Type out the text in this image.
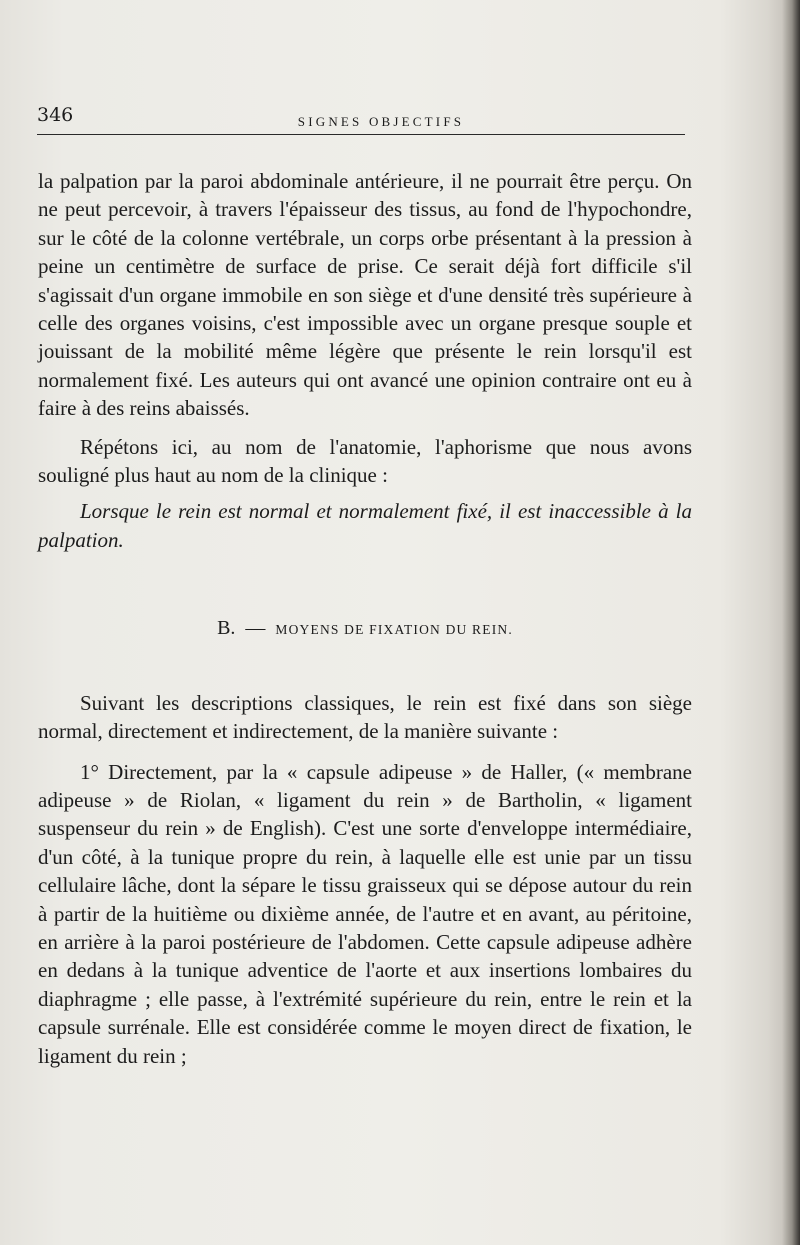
346	SIGNES OBJECTIFS

la palpation par la paroi abdominale antérieure, il ne pourrait être perçu. On ne peut percevoir, à travers l'épaisseur des tissus, au fond de l'hypochondre, sur le côté de la colonne vertébrale, un corps orbe présentant à la pression à peine un centimètre de surface de prise. Ce serait déjà fort difficile s'il s'agissait d'un organe immobile en son siège et d'une densité très supérieure à celle des organes voisins, c'est impossible avec un organe presque souple et jouissant de la mobilité même légère que présente le rein lorsqu'il est normalement fixé. Les auteurs qui ont avancé une opinion contraire ont eu à faire à des reins abaissés.

Répétons ici, au nom de l'anatomie, l'aphorisme que nous avons souligné plus haut au nom de la clinique :

Lorsque le rein est normal et normalement fixé, il est inaccessible à la palpation.

B. — MOYENS DE FIXATION DU REIN.

Suivant les descriptions classiques, le rein est fixé dans son siège normal, directement et indirectement, de la manière suivante :

1° Directement, par la « capsule adipeuse » de Haller, (« membrane adipeuse » de Riolan, « ligament du rein » de Bartholin, « ligament suspenseur du rein » de English). C'est une sorte d'enveloppe intermédiaire, d'un côté, à la tunique propre du rein, à laquelle elle est unie par un tissu cellulaire lâche, dont la sépare le tissu graisseux qui se dépose autour du rein à partir de la huitième ou dixième année, de l'autre et en avant, au péritoine, en arrière à la paroi postérieure de l'abdomen. Cette capsule adipeuse adhère en dedans à la tunique adventice de l'aorte et aux insertions lombaires du diaphragme ; elle passe, à l'extrémité supérieure du rein, entre le rein et la capsule surrénale. Elle est considérée comme le moyen direct de fixation, le ligament du rein ;
